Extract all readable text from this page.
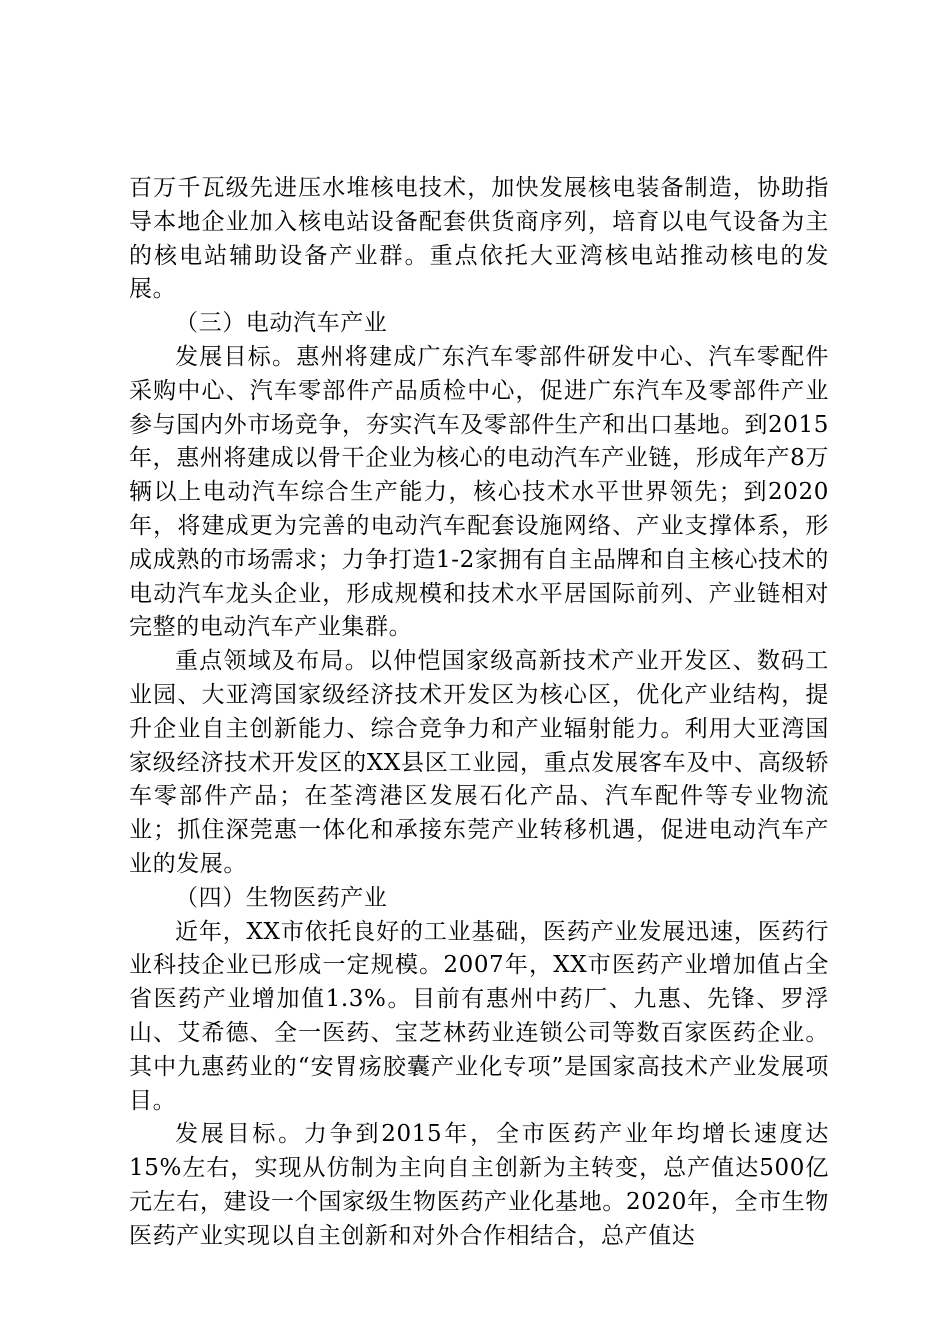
百万千瓦级先进压水堆核电技术，加快发展核电装备制造，协助指导本地企业加入核电站设备配套供货商序列，培育以电气设备为主的核电站辅助设备产业群。重点依托大亚湾核电站推动核电的发展。

（三）电动汽车产业

发展目标。惠州将建成广东汽车零部件研发中心、汽车零配件采购中心、汽车零部件产品质检中心，促进广东汽车及零部件产业参与国内外市场竞争，夯实汽车及零部件生产和出口基地。到2015年，惠州将建成以骨干企业为核心的电动汽车产业链，形成年产8万辆以上电动汽车综合生产能力，核心技术水平世界领先；到2020年，将建成更为完善的电动汽车配套设施网络、产业支撑体系，形成成熟的市场需求；力争打造1-2家拥有自主品牌和自主核心技术的电动汽车龙头企业，形成规模和技术水平居国际前列、产业链相对完整的电动汽车产业集群。

重点领域及布局。以仲恺国家级高新技术产业开发区、数码工业园、大亚湾国家级经济技术开发区为核心区，优化产业结构，提升企业自主创新能力、综合竞争力和产业辐射能力。利用大亚湾国家级经济技术开发区的XX县区工业园，重点发展客车及中、高级轿车零部件产品；在荃湾港区发展石化产品、汽车配件等专业物流业；抓住深莞惠一体化和承接东莞产业转移机遇，促进电动汽车产业的发展。

（四）生物医药产业

近年，XX市依托良好的工业基础，医药产业发展迅速，医药行业科技企业已形成一定规模。2007年，XX市医药产业增加值占全省医药产业增加值1.3%。目前有惠州中药厂、九惠、先锋、罗浮山、艾希德、全一医药、宝芝林药业连锁公司等数百家医药企业。其中九惠药业的“安胃疡胶囊产业化专项”是国家高技术产业发展项目。

发展目标。力争到2015年，全市医药产业年均增长速度达15%左右，实现从仿制为主向自主创新为主转变，总产值达500亿元左右，建设一个国家级生物医药产业化基地。2020年，全市生物医药产业实现以自主创新和对外合作相结合，总产值达
